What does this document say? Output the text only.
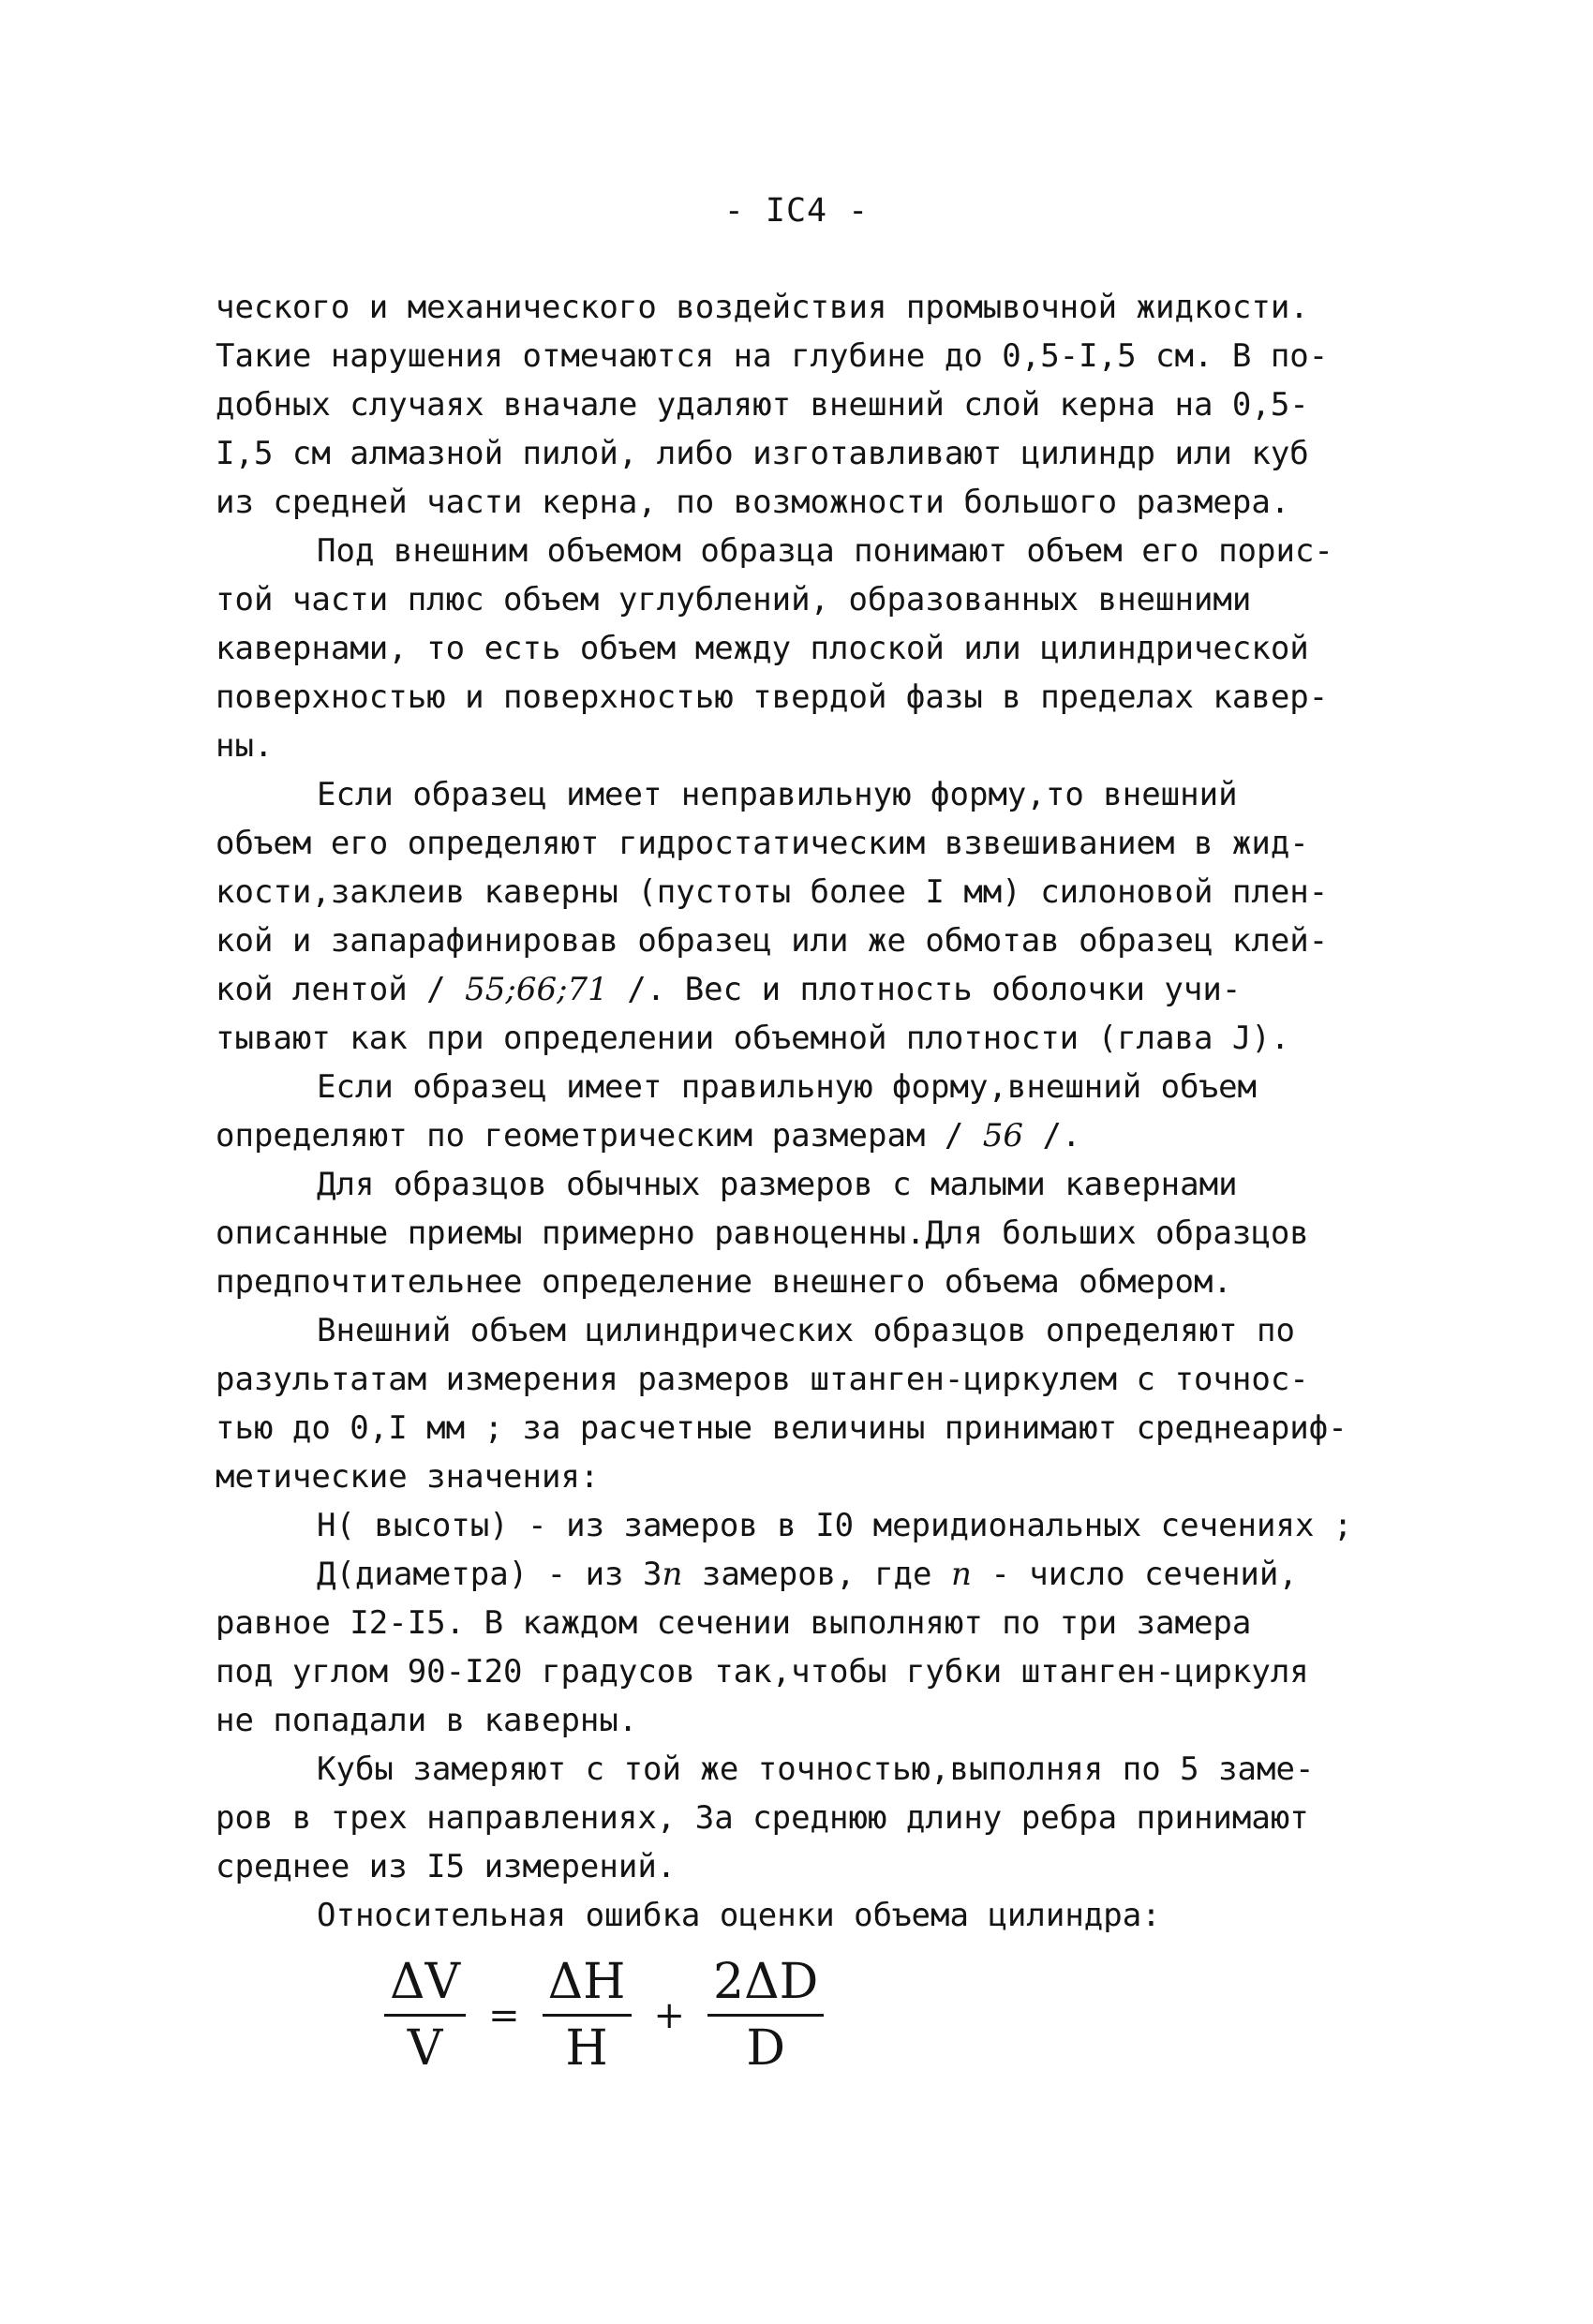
- IC4 -
ческого и механического воздействия промывочной жидкости.
Такие нарушения отмечаются на глубине до 0,5-I,5 см. В по-
добных случаях вначале удаляют внешний слой керна на 0,5-
I,5 см алмазной пилой, либо изготавливают цилиндр или куб
из средней части керна, по возможности большого размера.
Под внешним объемом образца понимают объем его порис-
той части плюс объем углублений, образованных внешними
кавернами, то есть объем между плоской или цилиндрической
поверхностью и поверхностью твердой фазы в пределах кавер-
ны.
Если образец имеет неправильную форму,то внешний
объем его определяют гидростатическим взвешиванием в жид-
кости,заклеив каверны (пустоты более I мм) силоновой плен-
кой и запарафинировав образец или же обмотав образец клей-
кой лентой / 55;66;71 /. Вес и плотность оболочки учи-
тывают как при определении объемной плотности (глава J).
Если образец имеет правильную форму,внешний объем
определяют по геометрическим размерам / 56 /.
Для образцов обычных размеров с малыми кавернами
описанные приемы примерно равноценны.Для больших образцов
предпочтительнее определение внешнего объема обмером.
Внешний объем цилиндрических образцов определяют по
разультатам измерения размеров штанген-циркулем с точнос-
тью до 0,I мм ; за расчетные величины принимают среднеариф-
метические значения:
Н( высоты) - из замеров в I0 меридиональных сечениях ;
Д(диаметра) - из 3n замеров, где n - число сечений,
равное I2-I5. В каждом сечении выполняют по три замера
под углом 90-I20 градусов так,чтобы губки штанген-циркуля
не попадали в каверны.
Кубы замеряют с той же точностью,выполняя по 5 заме-
ров в трех направлениях, За среднюю длину ребра принимают
среднее из I5 измерений.
Относительная ошибка оценки объема цилиндра:
$\frac{\Delta V}{V} = \frac{\Delta H}{H} + \frac{2\Delta D}{D}$
